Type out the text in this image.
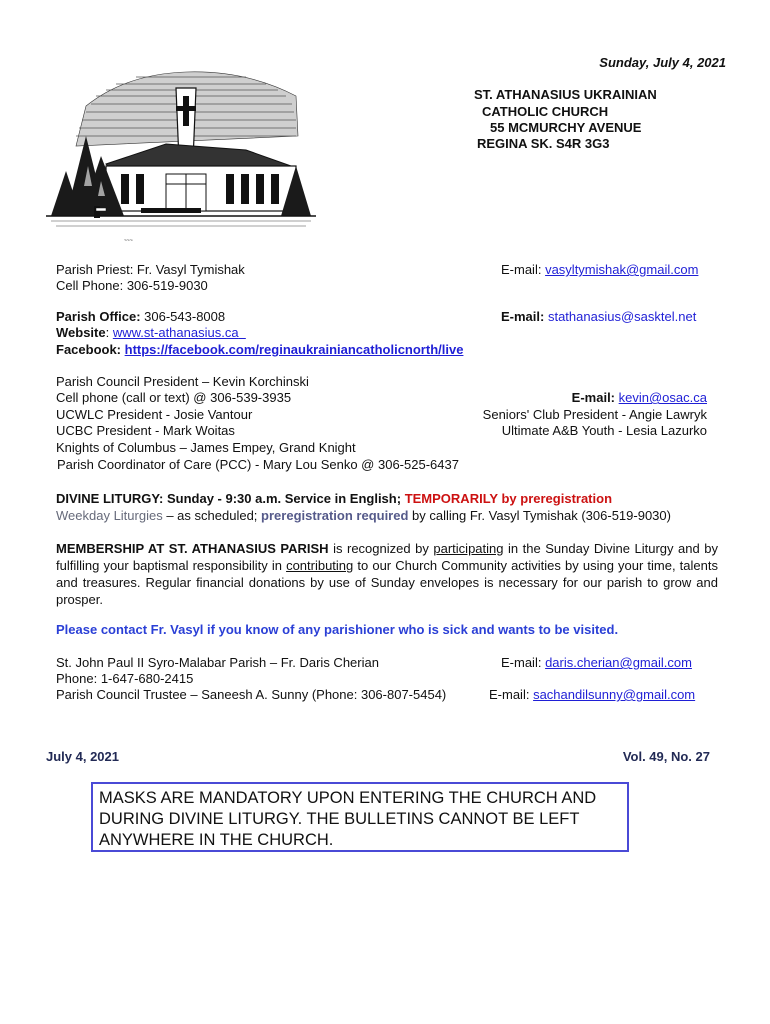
Sunday, July 4, 2021
ST. ATHANASIUS UKRAINIAN
CATHOLIC CHURCH
55 MCMURCHY AVENUE
REGINA SK. S4R 3G3
~~~
Parish Priest: Fr. Vasyl Tymishak	E-mail: vasyltymishak@gmail.com
Cell Phone: 306-519-9030
Parish Office: 306-543-8008	E-mail: stathanasius@sasktel.net
Website: www.st-athanasius.ca
Facebook: https://facebook.com/reginaukrainiancatholicnorth/live
Parish Council President – Kevin Korchinski
Cell phone (call or text) @ 306-539-3935	E-mail: kevin@osac.ca
UCWLC President - Josie Vantour	Seniors' Club President - Angie Lawryk
UCBC President - Mark Woitas	Ultimate A&B Youth - Lesia Lazurko
Knights of Columbus – James Empey, Grand Knight
Parish Coordinator of Care (PCC) - Mary Lou Senko @ 306-525-6437
DIVINE LITURGY: Sunday - 9:30 a.m. Service in English; TEMPORARILY by preregistration
Weekday Liturgies – as scheduled; preregistration required by calling Fr. Vasyl Tymishak (306-519-9030)
MEMBERSHIP AT ST. ATHANASIUS PARISH is recognized by participating in the Sunday Divine Liturgy and by fulfilling your baptismal responsibility in contributing to our Church Community activities by using your time, talents and treasures. Regular financial donations by use of Sunday envelopes is necessary for our parish to grow and prosper.
Please contact Fr. Vasyl if you know of any parishioner who is sick and wants to be visited.
St. John Paul II Syro-Malabar Parish – Fr. Daris Cherian	E-mail: daris.cherian@gmail.com
Phone: 1-647-680-2415
Parish Council Trustee – Saneesh A. Sunny (Phone: 306-807-5454)	E-mail: sachandilsunny@gmail.com
July 4, 2021	Vol. 49, No. 27
MASKS ARE MANDATORY UPON ENTERING THE CHURCH AND DURING DIVINE LITURGY. THE BULLETINS CANNOT BE LEFT ANYWHERE IN THE CHURCH.
